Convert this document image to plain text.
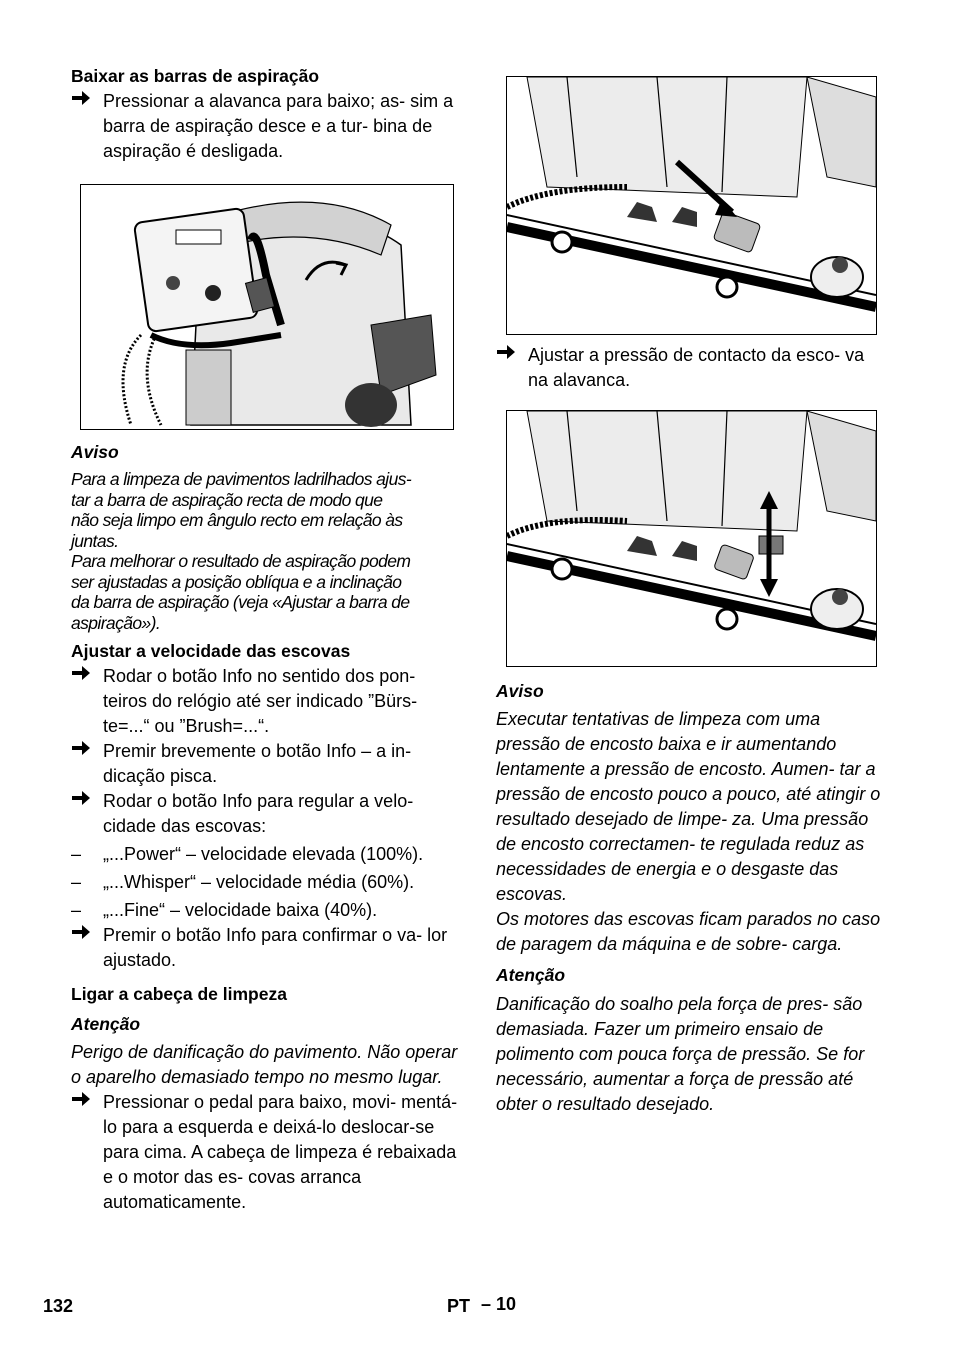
Baixar as barras de aspiração

Pressionar a alavanca para baixo; as- sim a barra de aspiração desce e a tur- bina de aspiração é desligada.

Aviso

Para a limpeza de pavimentos ladrilhados ajus-

tar a barra de aspiração recta de modo que

não seja limpo em ângulo recto em relação às

juntas.

Para melhorar o resultado de aspiração podem

ser ajustadas a posição oblíqua e a inclinação

da barra de aspiração (veja «Ajustar a barra de

aspiração»).

Ajustar a velocidade das escovas

Rodar o botão Info no sentido dos pon- teiros do relógio até ser indicado ”Bürs- te=...“ ou ”Brush=...“.
Premir brevemente o botão Info – a in- dicação pisca.
Rodar o botão Info para regular a velo- cidade das escovas:
–	„...Power“ – velocidade elevada (100%).
–	„...Whisper“ – velocidade média (60%).
–	„...Fine“ – velocidade baixa (40%).
Premir o botão Info para confirmar o va- lor ajustado.

Ligar a cabeça de limpeza

Atenção

Perigo de danificação do pavimento. Não operar o aparelho demasiado tempo no mesmo lugar.

Pressionar o pedal para baixo, movi- mentá-lo para a esquerda e deixá-lo deslocar-se para cima. A cabeça de limpeza é rebaixada e o motor das es- covas arranca automaticamente.
Ajustar a pressão de contacto da esco- va na alavanca.

Aviso

Executar tentativas de limpeza com uma pressão de encosto baixa e ir aumentando lentamente a pressão de encosto. Aumen- tar a pressão de encosto pouco a pouco, até atingir o resultado desejado de limpe- za. Uma pressão de encosto correctamen- te regulada reduz as necessidades de energia e o desgaste das escovas.

Os motores das escovas ficam parados no caso de paragem da máquina e de sobre- carga.

Atenção

Danificação do soalho pela força de pres- são demasiada. Fazer um primeiro ensaio de polimento com pouca força de pressão. Se for necessário, aumentar a força de pressão até obter o resultado desejado.

132	PT – 10
